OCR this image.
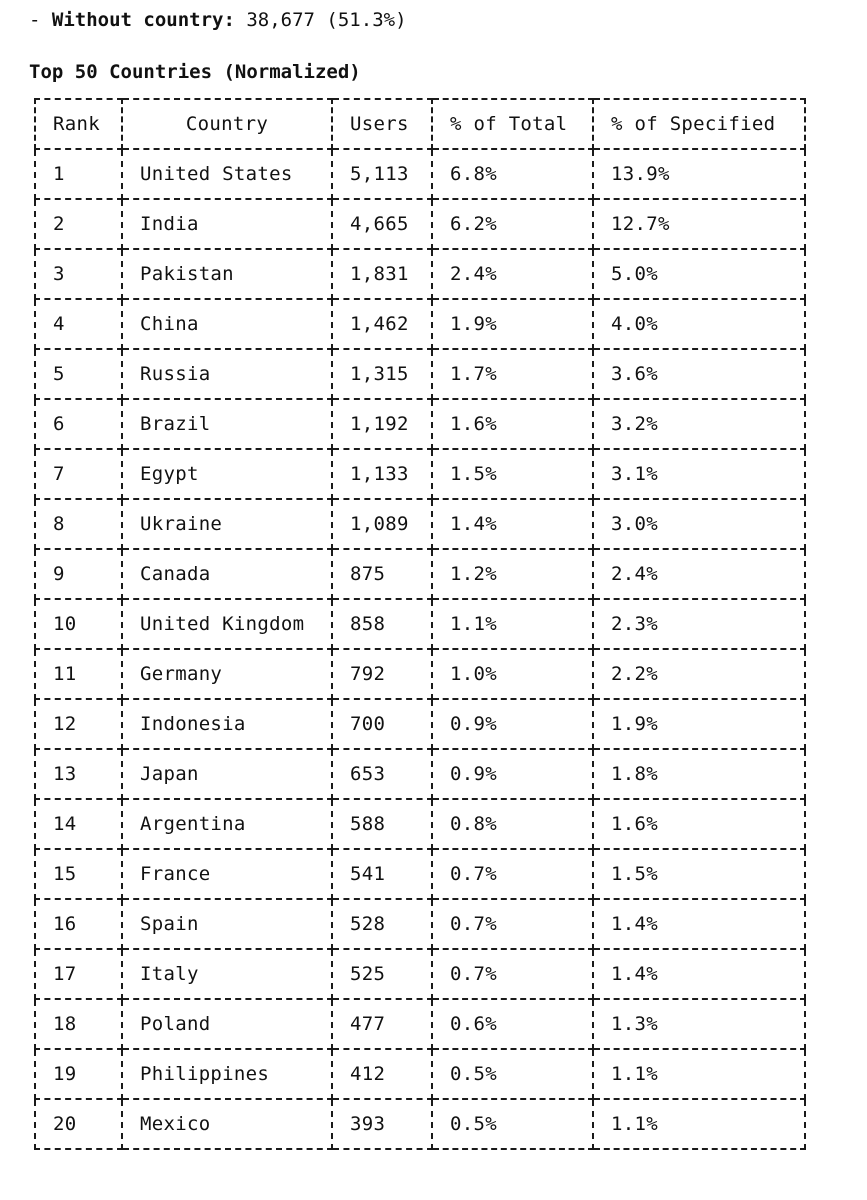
- Without country: 38,677 (51.3%)
Top 50 Countries (Normalized)
Rank	Country	Users	% of Total	% of Specified
1	United States	5,113	6.8%	13.9%
2	India	4,665	6.2%	12.7%
3	Pakistan	1,831	2.4%	5.0%
4	China	1,462	1.9%	4.0%
5	Russia	1,315	1.7%	3.6%
6	Brazil	1,192	1.6%	3.2%
7	Egypt	1,133	1.5%	3.1%
8	Ukraine	1,089	1.4%	3.0%
9	Canada	875	1.2%	2.4%
10	United Kingdom	858	1.1%	2.3%
11	Germany	792	1.0%	2.2%
12	Indonesia	700	0.9%	1.9%
13	Japan	653	0.9%	1.8%
14	Argentina	588	0.8%	1.6%
15	France	541	0.7%	1.5%
16	Spain	528	0.7%	1.4%
17	Italy	525	0.7%	1.4%
18	Poland	477	0.6%	1.3%
19	Philippines	412	0.5%	1.1%
20	Mexico	393	0.5%	1.1%
